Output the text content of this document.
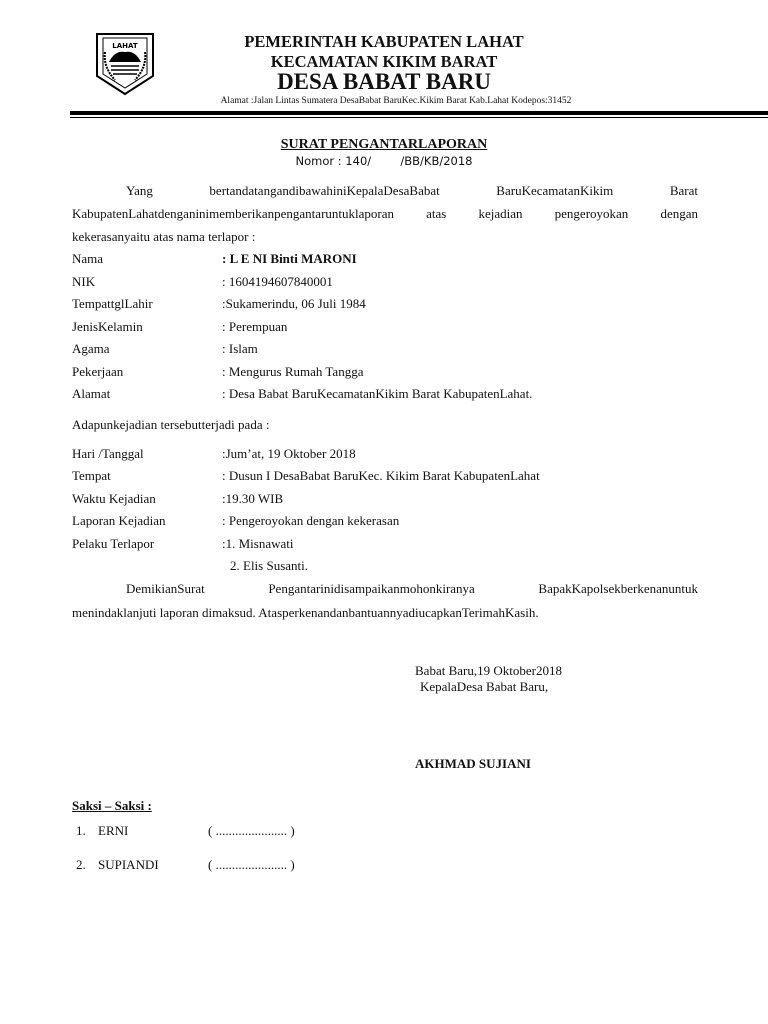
LAHAT	PEMERINTAH KABUPATEN LAHAT
KECAMATAN KIKIM BARAT
DESA BABAT BARU
Alamat :Jalan Lintas Sumatera DesaBabat BaruKec.Kikim Barat Kab.Lahat Kodepos:31452
SURAT PENGANTARLAPORAN
Nomor : 140/        /BB/KB/2018
Yang bertandatangandibawahiniKepalaDesaBabat BaruKecamatanKikim Barat
KabupatenLahatdenganinimemberikanpengantaruntuklaporan atas kejadian pengeroyokan dengan
kekerasanyaitu atas nama terlapor :
Nama	: L E NI Binti MARONI
NIK	: 1604194607840001
TempattglLahir	:Sukamerindu, 06 Juli 1984
JenisKelamin	: Perempuan
Agama	: Islam
Pekerjaan	: Mengurus Rumah Tangga
Alamat	: Desa Babat BaruKecamatanKikim Barat KabupatenLahat.
Adapunkejadian tersebutterjadi pada :
Hari /Tanggal	:Jum’at, 19 Oktober 2018
Tempat	: Dusun I DesaBabat BaruKec. Kikim Barat KabupatenLahat
Waktu Kejadian	:19.30 WIB
Laporan Kejadian	: Pengeroyokan dengan kekerasan
Pelaku Terlapor	:1. Misnawati
2. Elis Susanti.
DemikianSurat Pengantarinidisampaikanmohonkiranya BapakKapolsekberkenanuntuk
menindaklanjuti laporan dimaksud. AtasperkenandanbantuannyadiucapkanTerimahKasih.
Babat Baru,19 Oktober2018
KepalaDesa Babat Baru,
AKHMAD SUJIANI
Saksi – Saksi :
1. ERNI	( ...................... )
2. SUPIANDI	( ...................... )
